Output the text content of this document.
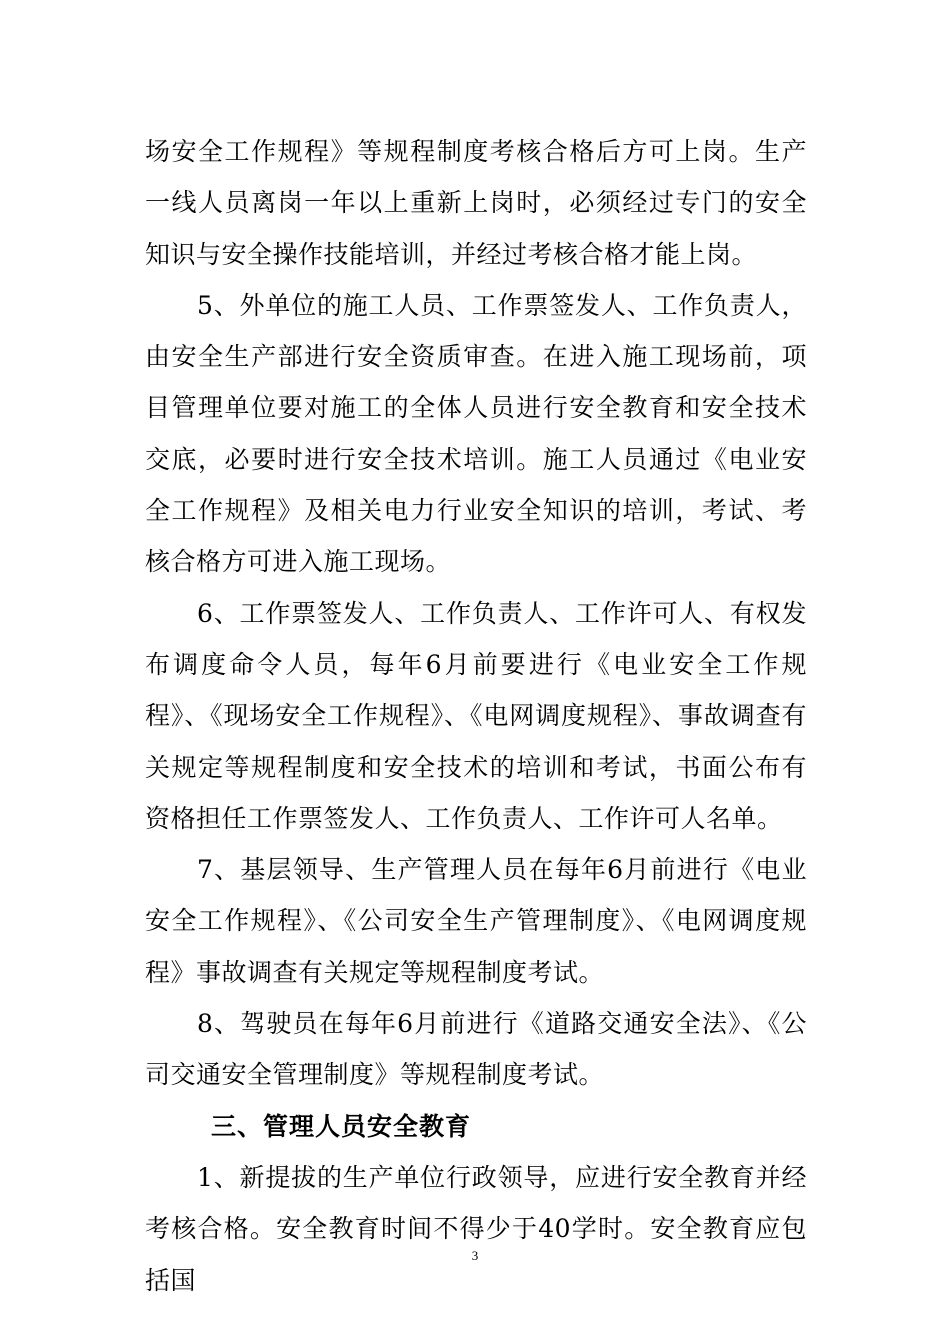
场安全工作规程》等规程制度考核合格后方可上岗。生产一线人员离岗一年以上重新上岗时，必须经过专门的安全知识与安全操作技能培训，并经过考核合格才能上岗。

5、外单位的施工人员、工作票签发人、工作负责人，由安全生产部进行安全资质审查。在进入施工现场前，项目管理单位要对施工的全体人员进行安全教育和安全技术交底，必要时进行安全技术培训。施工人员通过《电业安全工作规程》及相关电力行业安全知识的培训，考试、考核合格方可进入施工现场。

6、工作票签发人、工作负责人、工作许可人、有权发布调度命令人员，每年6月前要进行《电业安全工作规程》、《现场安全工作规程》、《电网调度规程》、事故调查有关规定等规程制度和安全技术的培训和考试，书面公布有资格担任工作票签发人、工作负责人、工作许可人名单。

7、基层领导、生产管理人员在每年6月前进行《电业安全工作规程》、《公司安全生产管理制度》、《电网调度规程》事故调查有关规定等规程制度考试。

8、驾驶员在每年6月前进行《道路交通安全法》、《公司交通安全管理制度》等规程制度考试。

三、管理人员安全教育

1、新提拔的生产单位行政领导，应进行安全教育并经考核合格。安全教育时间不得少于40学时。安全教育应包括国

3
